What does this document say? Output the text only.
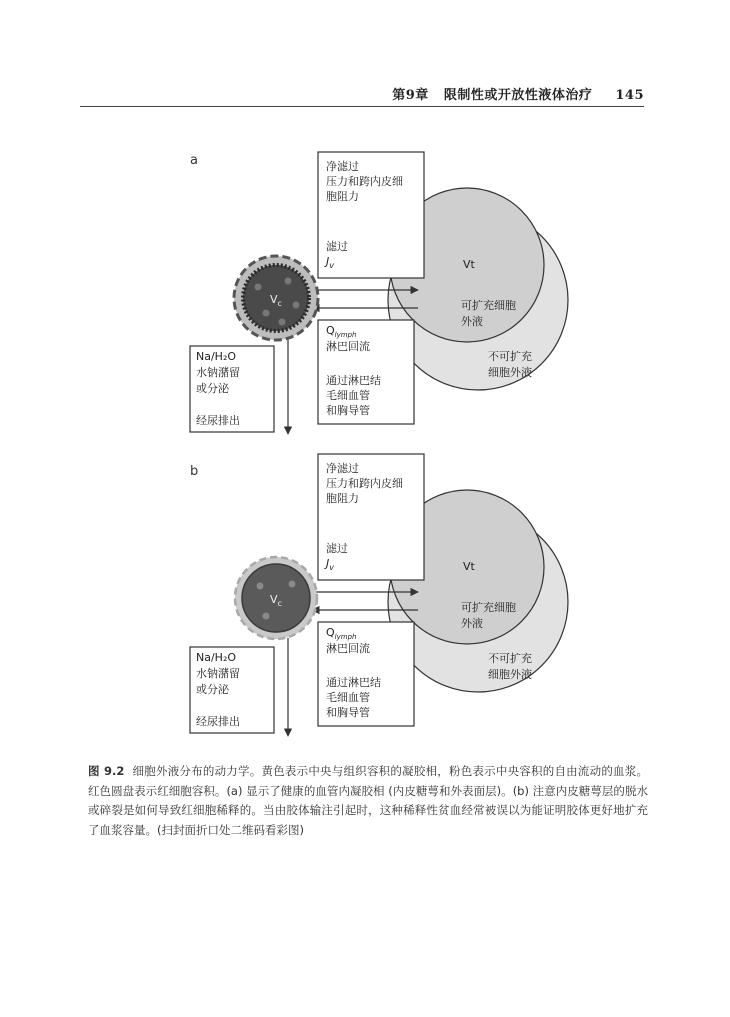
第9章 限制性或开放性液体治疗 145
a	净滤过 压力和跨内皮细 胞阻力
滤过
$J_v$
$Q_{lymph}$
淋巴回流
通过淋巴结 毛细血管 和胸导管
Na/H₂O 水钠潴留 或分泌 经尿排出
$V_c$
Vt
可扩充细胞 外液
不可扩充 细胞外液
b	净滤过 压力和跨内皮细 胞阻力
滤过
$J_v$
$Q_{lymph}$
淋巴回流
通过淋巴结 毛细血管 和胸导管
Na/H₂O 水钠潴留 或分泌 经尿排出
$V_c$
Vt
可扩充细胞 外液
不可扩充 细胞外液
图 9.2 细胞外液分布的动力学。黄色表示中央与组织容积的凝胶相，粉色表示中央容积的自由流动的血浆。红色圆盘表示红细胞容积。(a) 显示了健康的血管内凝胶相 (内皮糖萼和外表面层)。(b) 注意内皮糖萼层的脱水或碎裂是如何导致红细胞稀释的。当由胶体输注引起时，这种稀释性贫血经常被误以为能证明胶体更好地扩充了血浆容量。(扫封面折口处二维码看彩图)
